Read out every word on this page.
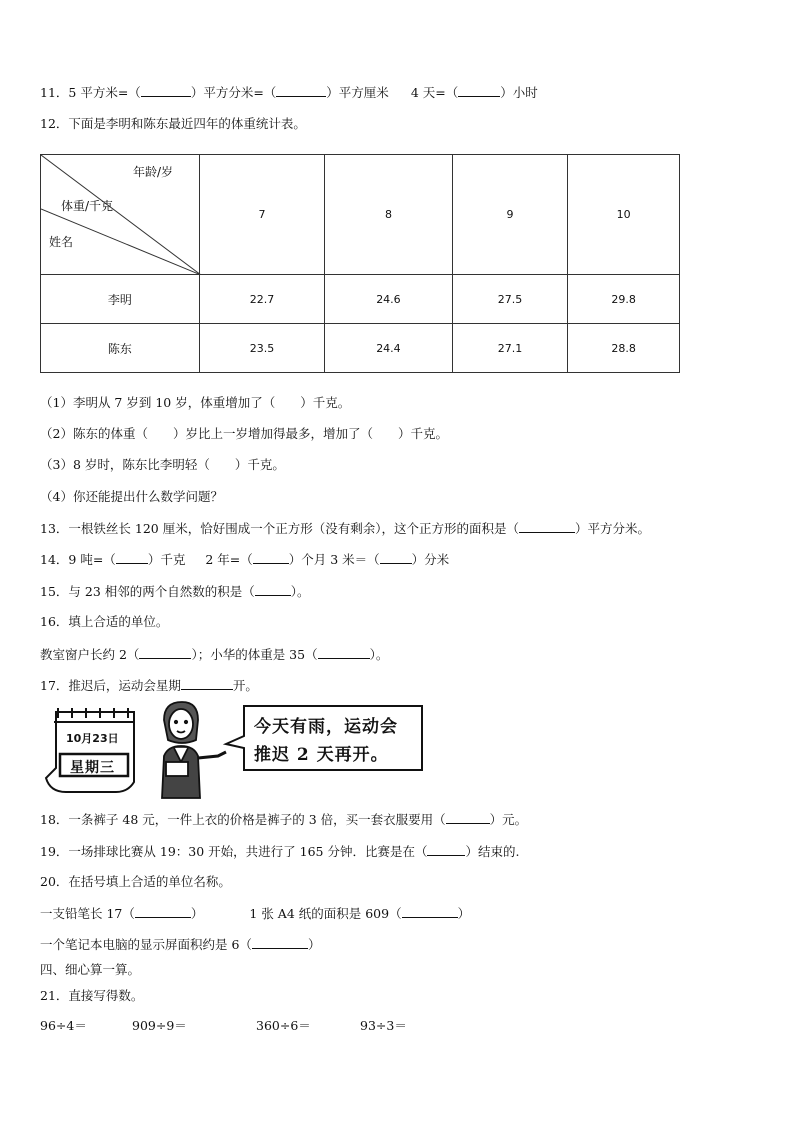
11．5 平方米=（	）平方分米=（	）平方厘米 4 天=（	）小时
12．下面是李明和陈东最近四年的体重统计表。
年龄/岁
体重/千克
姓名	7	8	9	10
李明	22.7	24.6	27.5	29.8
陈东	23.5	24.4	27.1	28.8
（1）李明从 7 岁到 10 岁，体重增加了（　　）千克。
（2）陈东的体重（　　）岁比上一岁增加得最多，增加了（　　）千克。
（3）8 岁时，陈东比李明轻（　　）千克。
（4）你还能提出什么数学问题？
13．一根铁丝长 120 厘米，恰好围成一个正方形（没有剩余），这个正方形的面积是（	）平方分米。
14．9 吨=（	）千克 2 年=（	）个月 3 米＝（	）分米
15．与 23 相邻的两个自然数的积是（	）。
16．填上合适的单位。
教室窗户长约 2（	）；小华的体重是 35（	）。
17．推迟后，运动会星期	开。
10月23日
星期三
今天有雨，运动会
推迟 2 天再开。
18．一条裤子 48 元，一件上衣的价格是裤子的 3 倍，买一套衣服要用（	）元。
19．一场排球比赛从 19：30 开始，共进行了 165 分钟．比赛是在（	）结束的.
20．在括号填上合适的单位名称。
一支铅笔长 17（	）	1 张 A4 纸的面积是 609（	）
一个笔记本电脑的显示屏面积约是 6（	）
四、细心算一算。
21．直接写得数。
96÷4＝	909÷9＝	360÷6＝	93÷3＝
